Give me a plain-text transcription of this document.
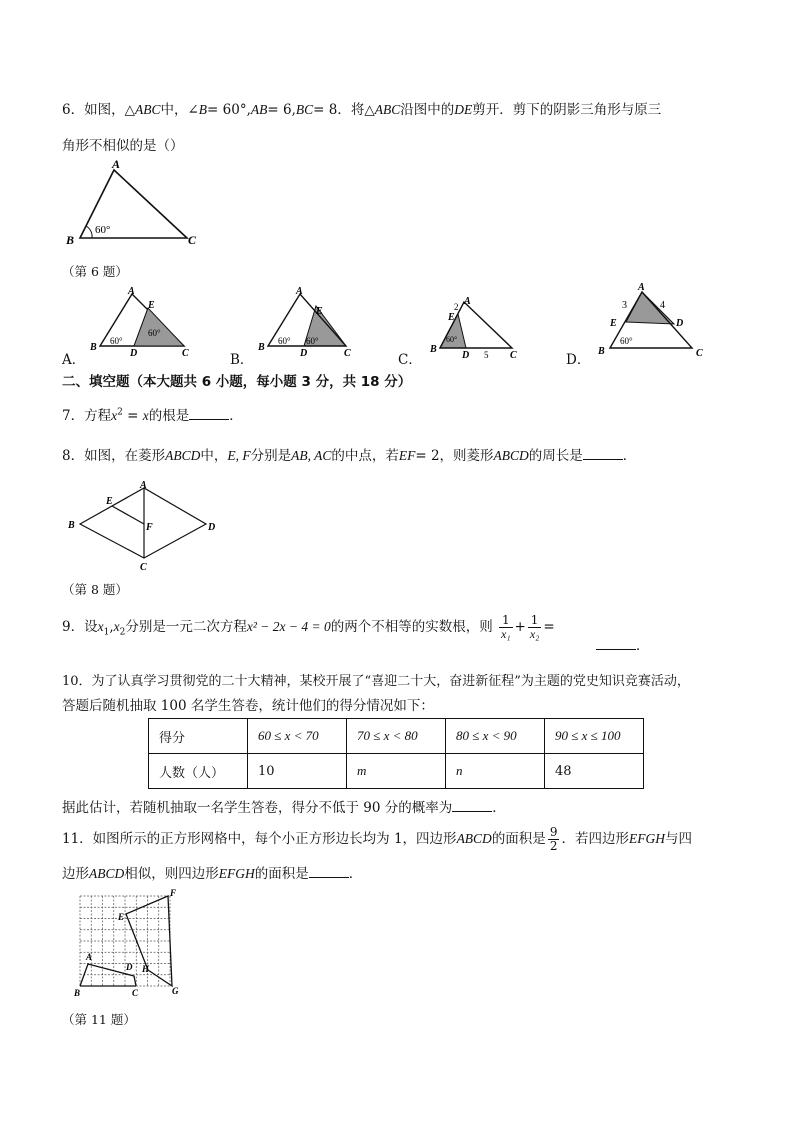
6．如图，△ABC中，∠B= 60°,AB= 6,BC= 8．将△ABC沿图中的DE剪开．剪下的阴影三角形与原三
角形不相似的是（）
A
B	C
60°
（第 6 题）
A．
A
B
C
D
E
60°
60°
B．
A
B
C
D
E
60° 60°
C．
A
B
C
D
E
2
5
60°
D．
A
B	C
D
E
3	4
60°
二、填空题（本大题共 6 小题，每小题 3 分，共 18 分）
7．方程$x^2 = x$的根是	．
8．如图，在菱形ABCD中，E, F分别是AB, AC的中点，若EF= 2，则菱形ABCD的周长是	．
A
B	D
C
E
F
（第 8 题）
9．设$x_1,x_2$分别是一元二次方程x² − 2x − 4 = 0的两个不相等的实数根，则 $\frac{1}{\text{x₁}} + \frac{1}{\text{x₂}}$ =
．
10．为了认真学习贯彻党的二十大精神，某校开展了“喜迎二十大，奋进新征程”为主题的党史知识竞赛活动，
答题后随机抽取 100 名学生答卷，统计他们的得分情况如下：
得分	60 ≤ x < 70	70 ≤ x < 80	80 ≤ x < 90	90 ≤ x ≤ 100
人数（人）	10	m	n	48
据此估计，若随机抽取一名学生答卷，得分不低于 90 分的概率为	．
11．如图所示的正方形网格中，每个小正方形边长均为 1，四边形ABCD的面积是 $\frac{9}{2}$ ．若四边形EFGH与四
边形ABCD相似，则四边形EFGH的面积是	．
B
A
D
C
E
F
G
H
（第 11 题）
